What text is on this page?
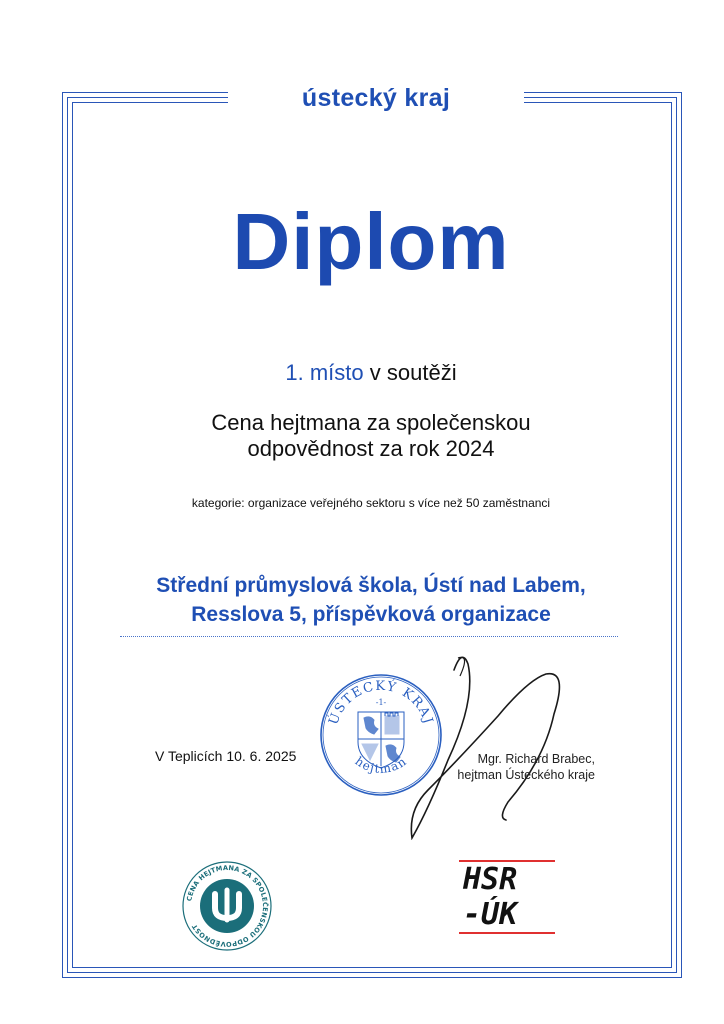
ústecký kraj
Diplom
1. místo v soutěži
Cena hejtmana za společenskou
odpovědnost za rok 2024
kategorie: organizace veřejného sektoru s více než 50 zaměstnanci
Střední průmyslová škola, Ústí nad Labem,
Resslova 5, příspěvková organizace
V Teplicích 10. 6. 2025
ÚSTECKÝ KRAJ
-1-
hejtman	Mgr. Richard Brabec,
hejtman Ústeckého kraje
CENA HEJTMANA ZA SPOLEČENSKOU ODPOVĚDNOST
HSR
-ÚK
